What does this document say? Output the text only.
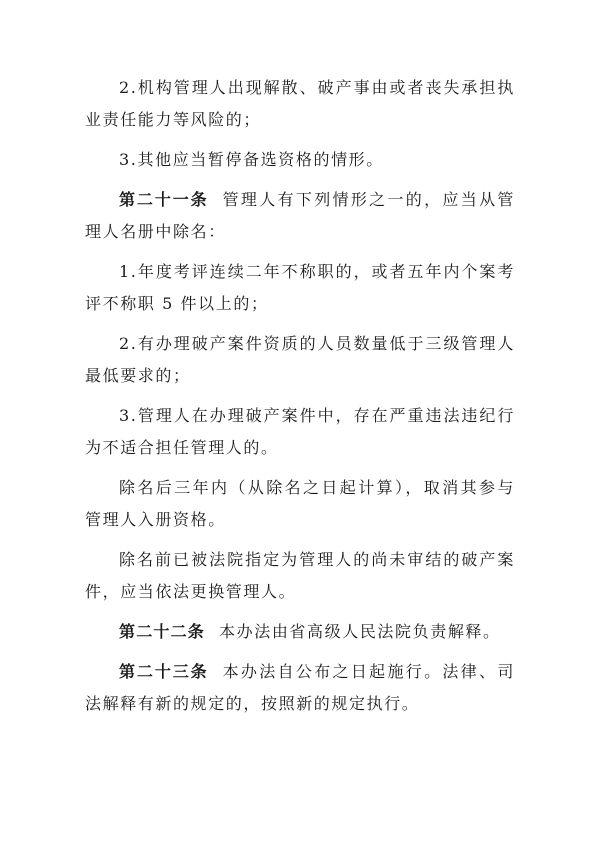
2.机构管理人出现解散、破产事由或者丧失承担执业责任能力等风险的；

3.其他应当暂停备选资格的情形。

第二十一条 管理人有下列情形之一的，应当从管理人名册中除名：

1.年度考评连续二年不称职的，或者五年内个案考评不称职 5 件以上的；

2.有办理破产案件资质的人员数量低于三级管理人最低要求的；

3.管理人在办理破产案件中，存在严重违法违纪行为不适合担任管理人的。

除名后三年内（从除名之日起计算），取消其参与管理人入册资格。

除名前已被法院指定为管理人的尚未审结的破产案件，应当依法更换管理人。

第二十二条 本办法由省高级人民法院负责解释。

第二十三条 本办法自公布之日起施行。法律、司法解释有新的规定的，按照新的规定执行。
